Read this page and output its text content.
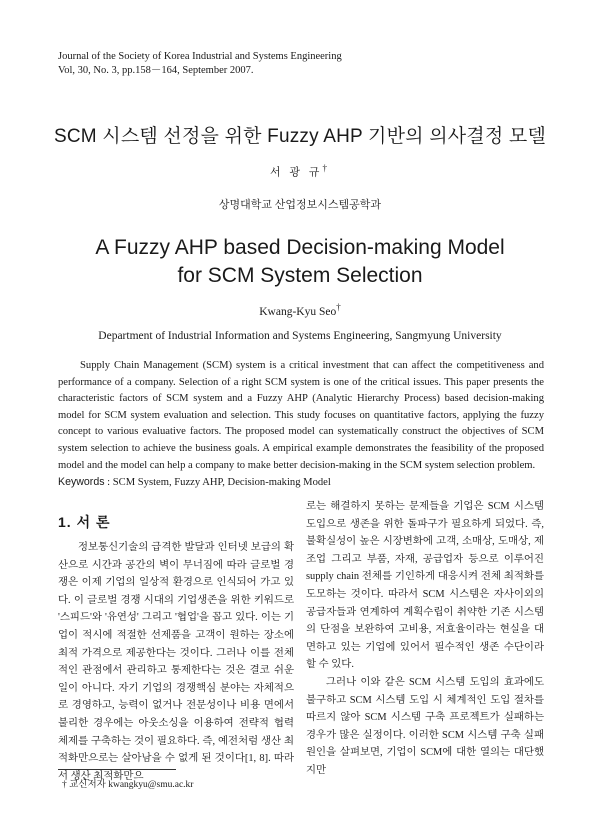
Journal of the Society of Korea Industrial and Systems Engineering
Vol, 30, No. 3, pp.158－164, September 2007.
SCM 시스템 선정을 위한 Fuzzy AHP 기반의 의사결정 모델
서 광 규†
상명대학교 산업정보시스템공학과
A Fuzzy AHP based Decision-making Model
for SCM System Selection
Kwang-Kyu Seo†
Department of Industrial Information and Systems Engineering, Sangmyung University
Supply Chain Management (SCM) system is a critical investment that can affect the competitiveness and performance of a company. Selection of a right SCM system is one of the critical issues. This paper presents the characteristic factors of SCM system and a Fuzzy AHP (Analytic Hierarchy Process) based decision-making model for SCM system evaluation and selection. This study focuses on quantitative factors, applying the fuzzy concept to various evaluative factors. The proposed model can systematically construct the objectives of SCM system selection to achieve the business goals. A empirical example demonstrates the feasibility of the proposed model and the model can help a company to make better decision-making in the SCM system selection problem.
Keywords : SCM System, Fuzzy AHP, Decision-making Model
1. 서 론
정보통신기술의 급격한 발달과 인터넷 보급의 확산으로 시간과 공간의 벽이 무너짐에 따라 글로벌 경쟁은 이제 기업의 일상적 환경으로 인식되어 가고 있다. 이 글로벌 경쟁 시대의 기업생존을 위한 키워드로 '스피드'와 '유연성' 그리고 '협업'을 꼽고 있다. 이는 기업이 적시에 적절한 선제품을 고객이 원하는 장소에 최적 가격으로 제공한다는 것이다. 그러나 이를 전체적인 관점에서 관리하고 통제한다는 것은 결코 쉬운 일이 아니다. 자기 기업의 경쟁핵심 분야는 자체적으로 경영하고, 능력이 없거나 전문성이나 비용 면에서 불리한 경우에는 아웃소싱을 이용하여 전략적 협력 체제를 구축하는 것이 필요하다. 즉, 예전처럼 생산 최적화만으로는 살아남을 수 없게 된 것이다[1, 8]. 따라서 생산 최적화만으
로는 해결하지 못하는 문제들을 기업은 SCM 시스템 도입으로 생존을 위한 돌파구가 필요하게 되었다. 즉, 불확실성이 높은 시장변화에 고객, 소매상, 도매상, 제조업 그리고 부품, 자재, 공급업자 등으로 이루어진 supply chain 전체를 기인하게 대응시켜 전체 최적화를 도모하는 것이다. 따라서 SCM 시스템은 자사이외의 공급자들과 연계하여 계획수립이 취약한 기존 시스템의 단점을 보완하여 고비용, 저효율이라는 현실을 대면하고 있는 기업에 있어서 필수적인 생존 수단이라 할 수 있다.
그러나 이와 같은 SCM 시스템 도입의 효과에도 불구하고 SCM 시스템 도입 시 체계적인 도입 절차를 따르지 않아 SCM 시스템 구축 프로젝트가 실패하는 경우가 많은 실정이다. 이러한 SCM 시스템 구축 실패 원인을 살펴보면, 기업이 SCM에 대한 열의는 대단했지만
† 교신저자 kwangkyu@smu.ac.kr
